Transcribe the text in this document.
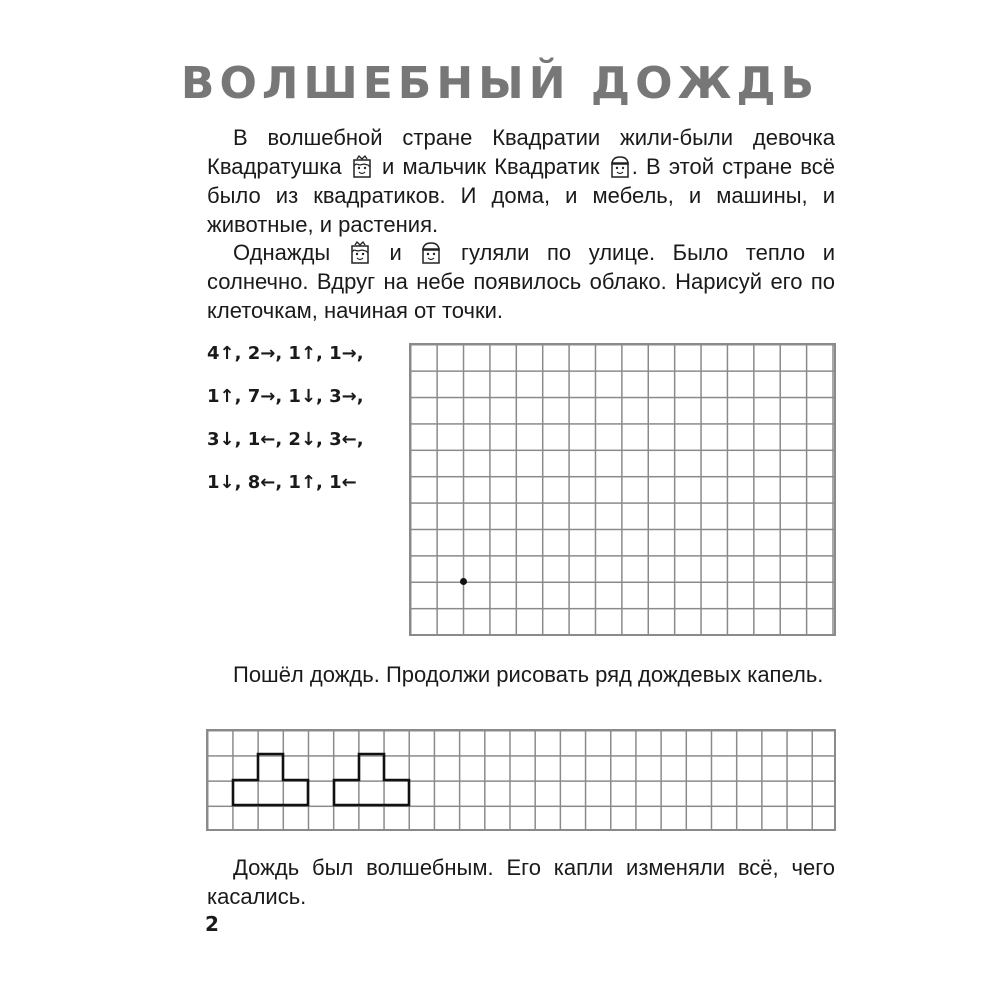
ВОЛШЕБНЫЙ ДОЖДЬ

В волшебной стране Квадратии жили-были девочка Квадратушка и мальчик Квадратик . В этой стране всё было из квадратиков. И дома, и мебель, и машины, и животные, и растения.

Однажды	и	гуляли по улице. Было тепло и солнечно. Вдруг на небе появилось облако. Нарисуй его по клеточкам, начиная от точки.

4↑, 2→, 1↑, 1→,
1↑, 7→, 1↓, 3→,
3↓, 1←, 2↓, 3←,
1↓, 8←, 1↑, 1←

Пошёл дождь. Продолжи рисовать ряд дождевых капель.

Дождь был волшебным. Его капли изменяли всё, чего касались.

2
